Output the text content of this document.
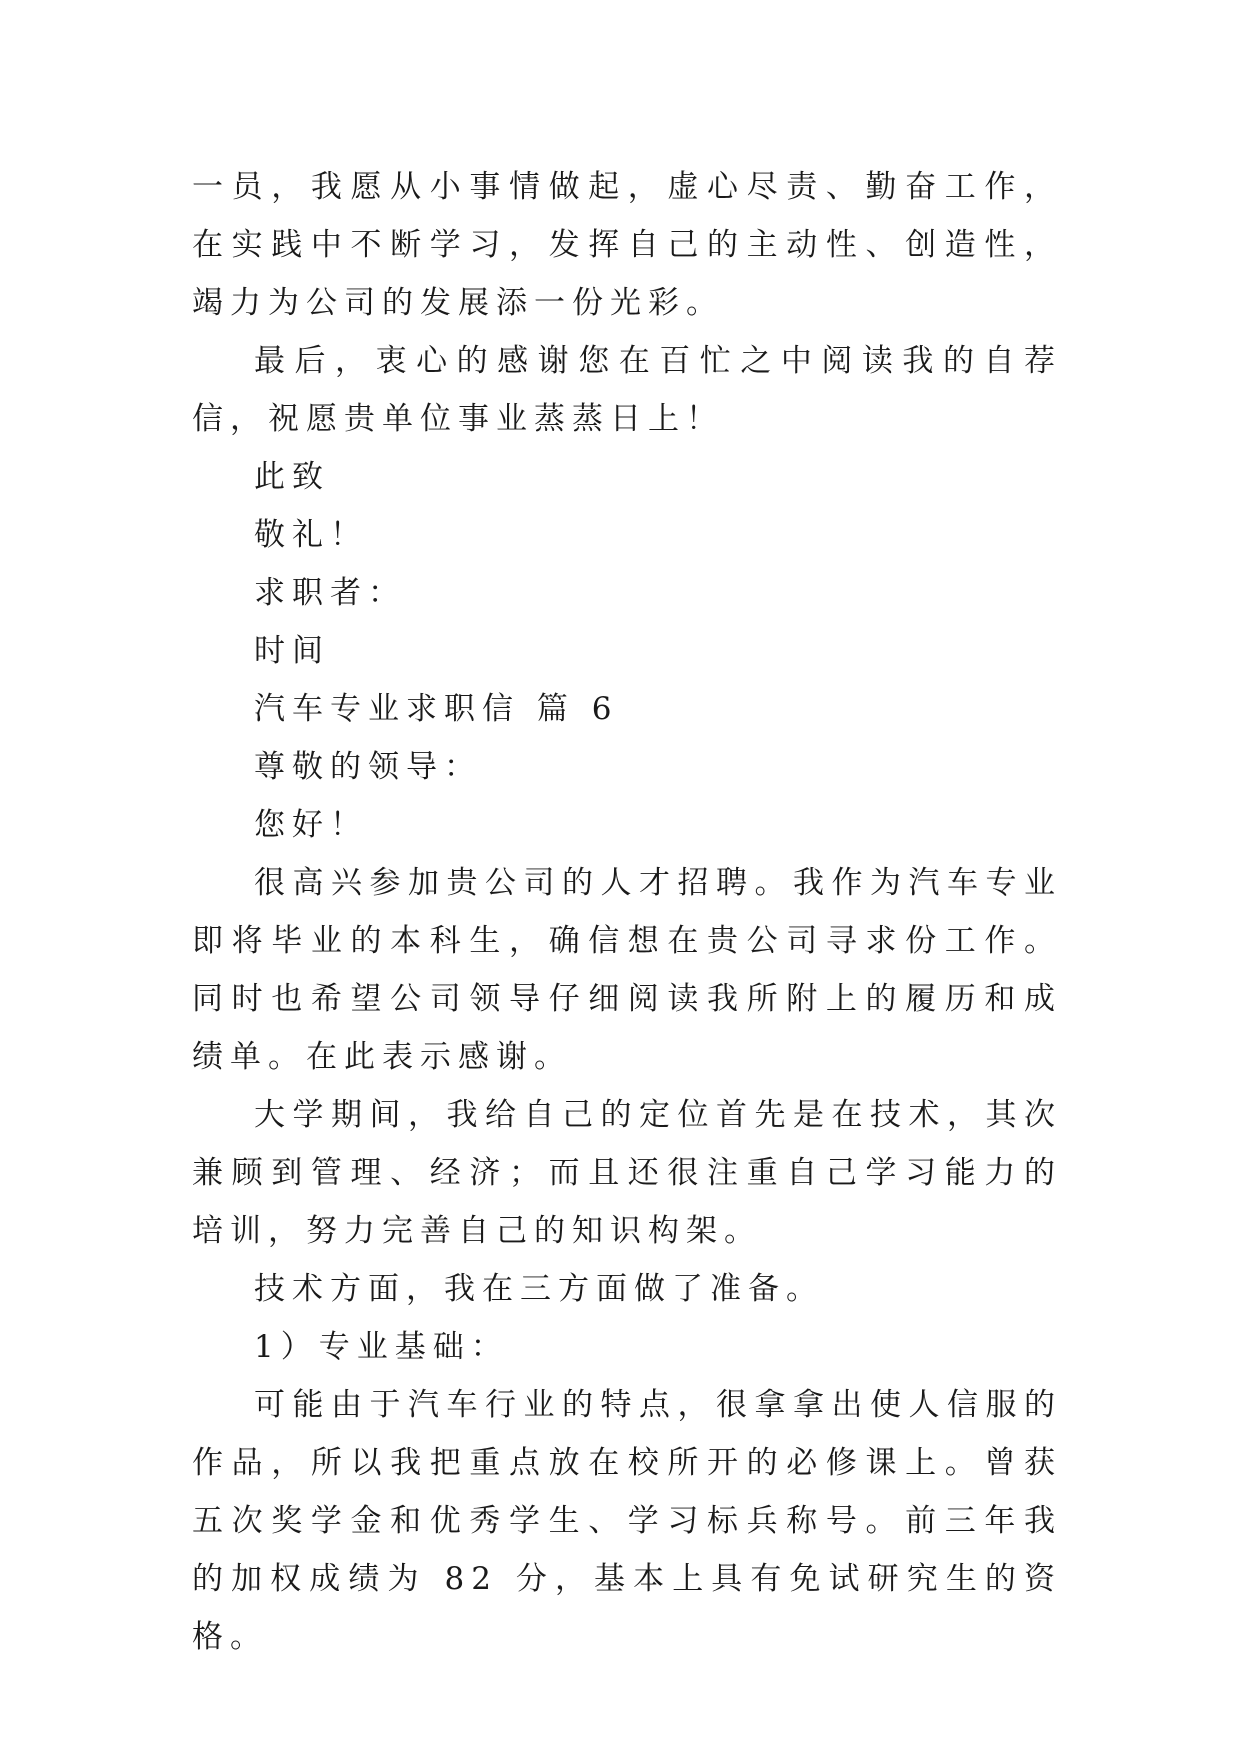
一员，我愿从小事情做起，虚心尽责、勤奋工作，在实践中不断学习，发挥自己的主动性、创造性，竭力为公司的发展添一份光彩。

最后，衷心的感谢您在百忙之中阅读我的自荐信，祝愿贵单位事业蒸蒸日上！

此致

敬礼！

求职者：

时间

汽车专业求职信 篇 6

尊敬的领导：

您好！

很高兴参加贵公司的人才招聘。我作为汽车专业即将毕业的本科生，确信想在贵公司寻求份工作。同时也希望公司领导仔细阅读我所附上的履历和成绩单。在此表示感谢。

大学期间，我给自己的定位首先是在技术，其次兼顾到管理、经济；而且还很注重自己学习能力的培训，努力完善自己的知识构架。

技术方面，我在三方面做了准备。

1）专业基础：

可能由于汽车行业的特点，很拿拿出使人信服的作品，所以我把重点放在校所开的必修课上。曾获五次奖学金和优秀学生、学习标兵称号。前三年我的加权成绩为 82 分，基本上具有免试研究生的资格。
